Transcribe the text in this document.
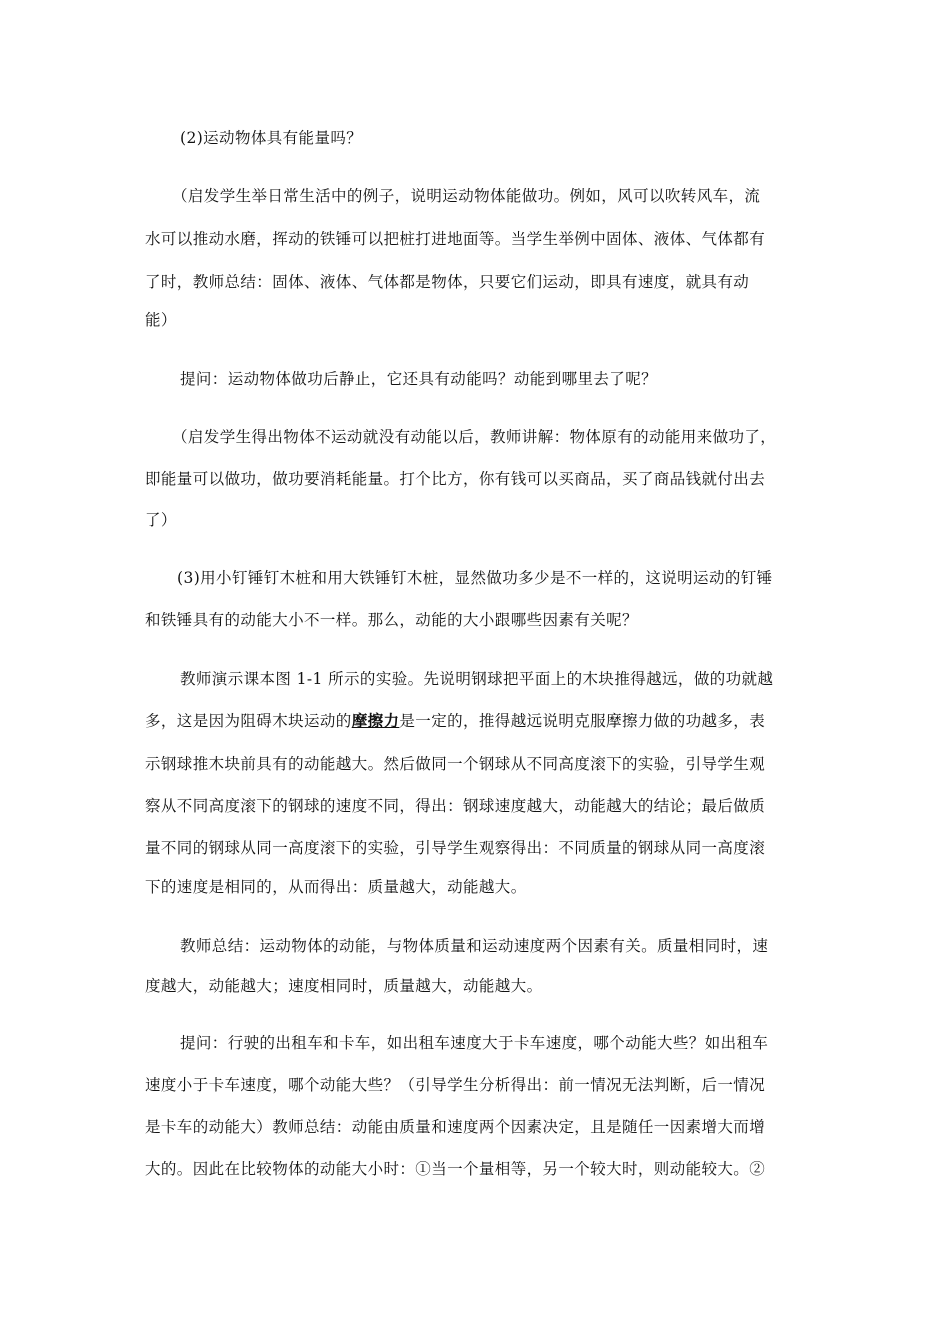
(2)运动物体具有能量吗？
（启发学生举日常生活中的例子，说明运动物体能做功。例如，风可以吹转风车，流
水可以推动水磨，挥动的铁锤可以把桩打进地面等。当学生举例中固体、液体、气体都有
了时，教师总结：固体、液体、气体都是物体，只要它们运动，即具有速度，就具有动
能）
提问：运动物体做功后静止，它还具有动能吗？动能到哪里去了呢？
（启发学生得出物体不运动就没有动能以后，教师讲解：物体原有的动能用来做功了，
即能量可以做功，做功要消耗能量。打个比方，你有钱可以买商品，买了商品钱就付出去
了）
(3)用小钉锤钉木桩和用大铁锤钉木桩，显然做功多少是不一样的，这说明运动的钉锤
和铁锤具有的动能大小不一样。那么，动能的大小跟哪些因素有关呢？
教师演示课本图 1-1 所示的实验。先说明钢球把平面上的木块推得越远，做的功就越
多，这是因为阻碍木块运动的摩擦力是一定的，推得越远说明克服摩擦力做的功越多，表
示钢球推木块前具有的动能越大。然后做同一个钢球从不同高度滚下的实验，引导学生观
察从不同高度滚下的钢球的速度不同，得出：钢球速度越大，动能越大的结论；最后做质
量不同的钢球从同一高度滚下的实验，引导学生观察得出：不同质量的钢球从同一高度滚
下的速度是相同的，从而得出：质量越大，动能越大。
教师总结：运动物体的动能，与物体质量和运动速度两个因素有关。质量相同时，速
度越大，动能越大；速度相同时，质量越大，动能越大。
提问：行驶的出租车和卡车，如出租车速度大于卡车速度，哪个动能大些？如出租车
速度小于卡车速度，哪个动能大些？（引导学生分析得出：前一情况无法判断，后一情况
是卡车的动能大）教师总结：动能由质量和速度两个因素决定，且是随任一因素增大而增
大的。因此在比较物体的动能大小时：①当一个量相等，另一个较大时，则动能较大。②
